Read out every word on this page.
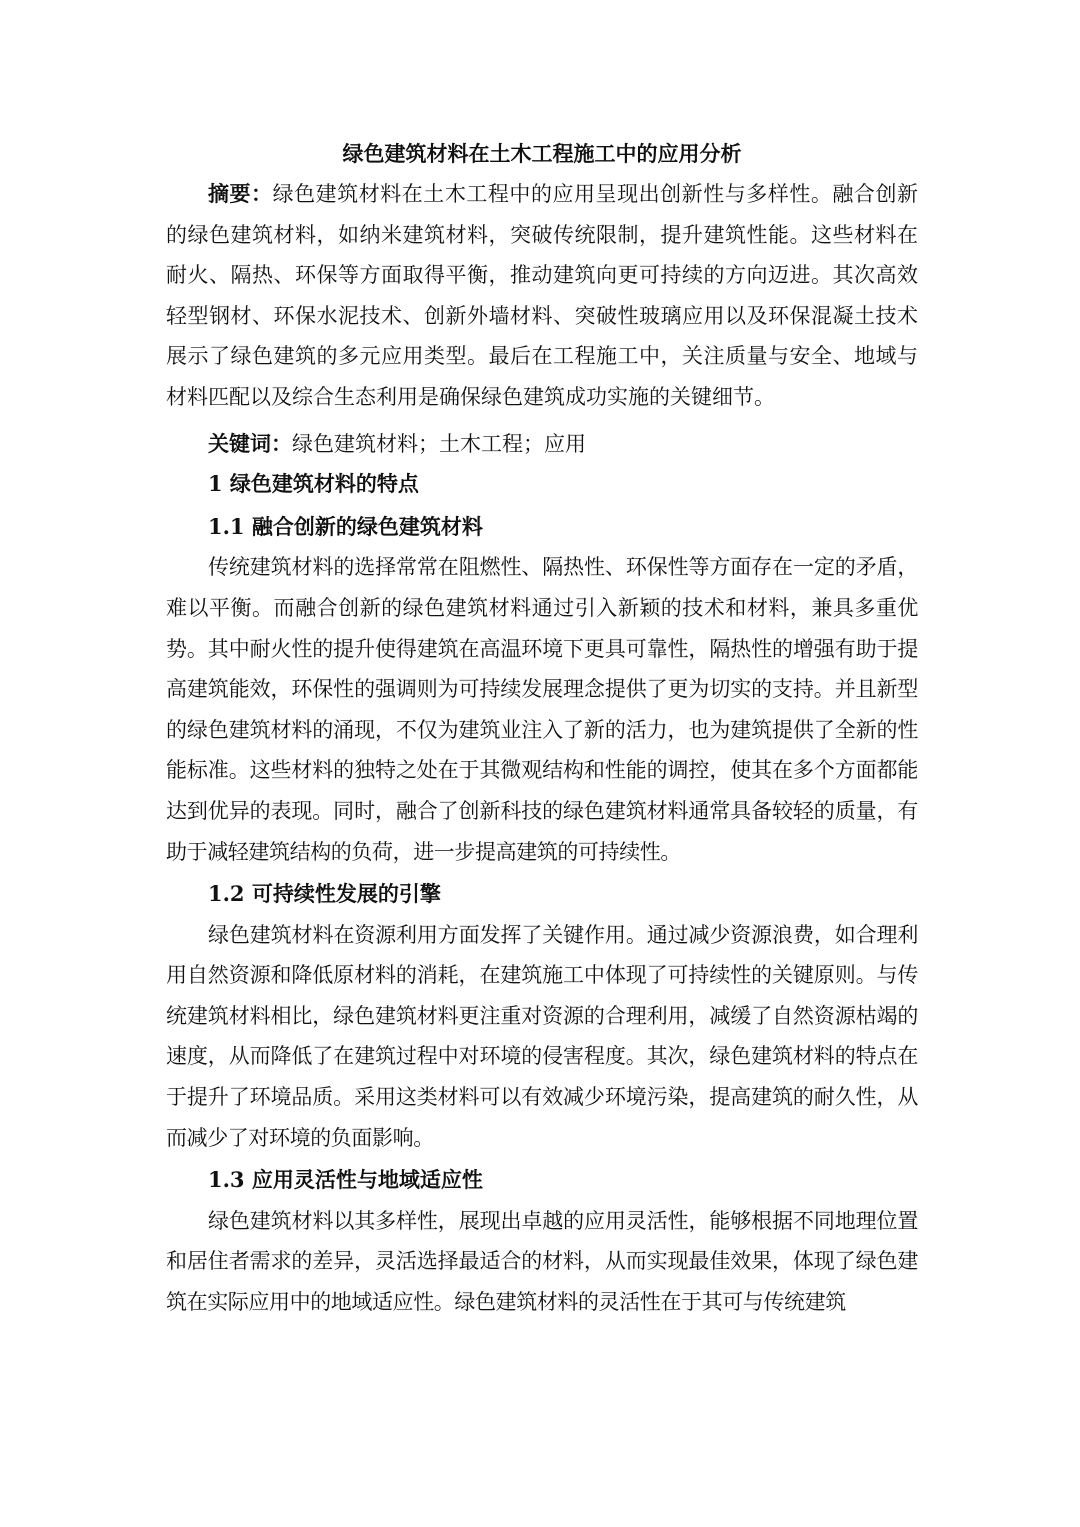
绿色建筑材料在土木工程施工中的应用分析

摘要：绿色建筑材料在土木工程中的应用呈现出创新性与多样性。融合创新的绿色建筑材料，如纳米建筑材料，突破传统限制，提升建筑性能。这些材料在耐火、隔热、环保等方面取得平衡，推动建筑向更可持续的方向迈进。其次高效轻型钢材、环保水泥技术、创新外墙材料、突破性玻璃应用以及环保混凝土技术展示了绿色建筑的多元应用类型。最后在工程施工中，关注质量与安全、地域与材料匹配以及综合生态利用是确保绿色建筑成功实施的关键细节。

关键词：绿色建筑材料；土木工程；应用

1 绿色建筑材料的特点
1.1 融合创新的绿色建筑材料

传统建筑材料的选择常常在阻燃性、隔热性、环保性等方面存在一定的矛盾，难以平衡。而融合创新的绿色建筑材料通过引入新颖的技术和材料，兼具多重优势。其中耐火性的提升使得建筑在高温环境下更具可靠性，隔热性的增强有助于提高建筑能效，环保性的强调则为可持续发展理念提供了更为切实的支持。并且新型的绿色建筑材料的涌现，不仅为建筑业注入了新的活力，也为建筑提供了全新的性能标准。这些材料的独特之处在于其微观结构和性能的调控，使其在多个方面都能达到优异的表现。同时，融合了创新科技的绿色建筑材料通常具备较轻的质量，有助于减轻建筑结构的负荷，进一步提高建筑的可持续性。

1.2 可持续性发展的引擎

绿色建筑材料在资源利用方面发挥了关键作用。通过减少资源浪费，如合理利用自然资源和降低原材料的消耗，在建筑施工中体现了可持续性的关键原则。与传统建筑材料相比，绿色建筑材料更注重对资源的合理利用，减缓了自然资源枯竭的速度，从而降低了在建筑过程中对环境的侵害程度。其次，绿色建筑材料的特点在于提升了环境品质。采用这类材料可以有效减少环境污染，提高建筑的耐久性，从而减少了对环境的负面影响。

1.3 应用灵活性与地域适应性

绿色建筑材料以其多样性，展现出卓越的应用灵活性，能够根据不同地理位置和居住者需求的差异，灵活选择最适合的材料，从而实现最佳效果，体现了绿色建筑在实际应用中的地域适应性。绿色建筑材料的灵活性在于其可与传统建筑
